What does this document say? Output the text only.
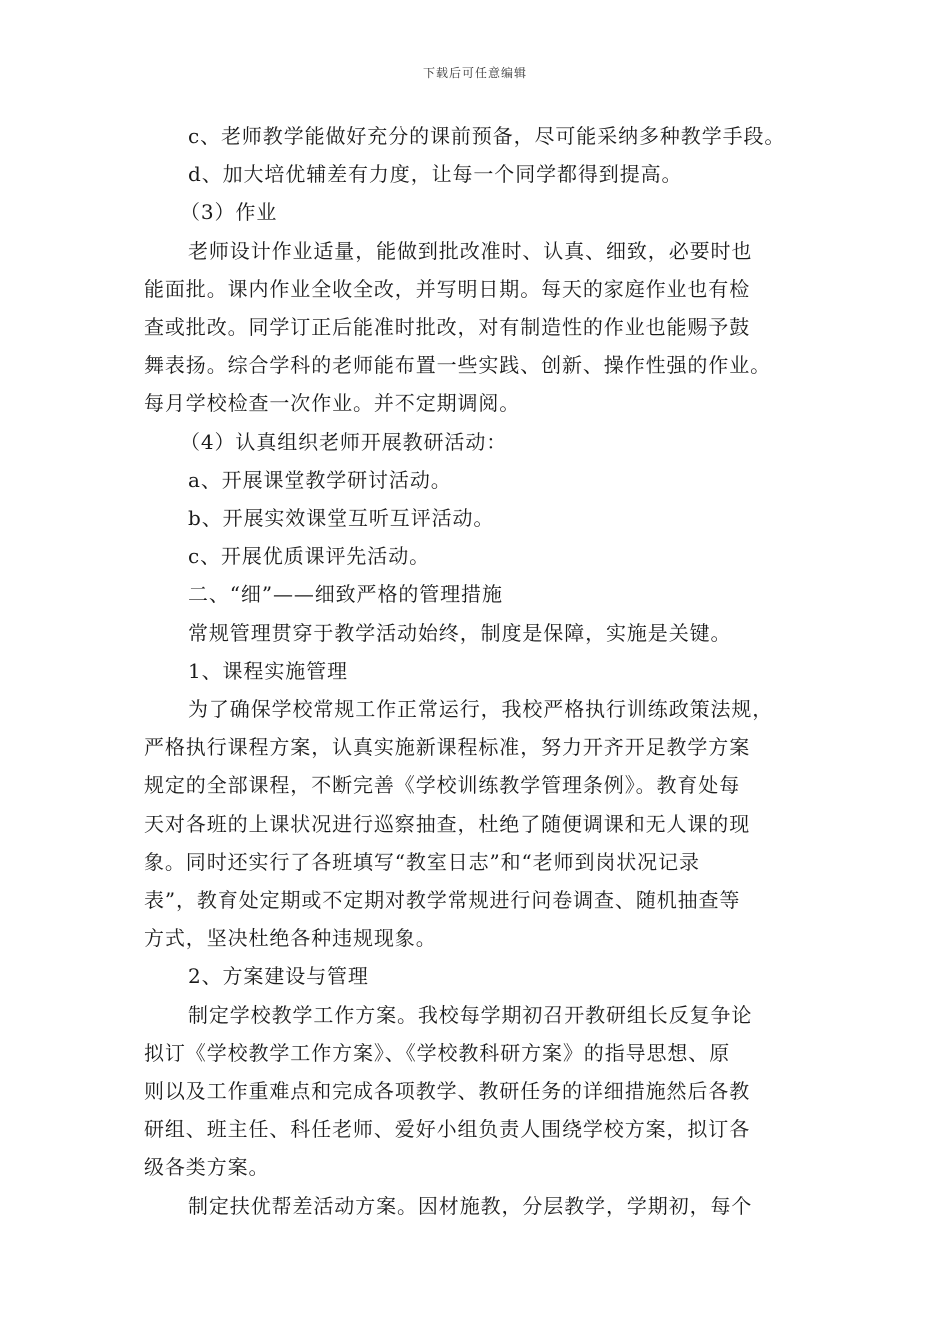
下载后可任意编辑

c、老师教学能做好充分的课前预备，尽可能采纳多种教学手段。

d、加大培优辅差有力度，让每一个同学都得到提高。

（3）作业

老师设计作业适量，能做到批改准时、认真、细致，必要时也

能面批。课内作业全收全改，并写明日期。每天的家庭作业也有检

查或批改。同学订正后能准时批改，对有制造性的作业也能赐予鼓

舞表扬。综合学科的老师能布置一些实践、创新、操作性强的作业。

每月学校检查一次作业。并不定期调阅。

（4）认真组织老师开展教研活动：

a、开展课堂教学研讨活动。

b、开展实效课堂互听互评活动。

c、开展优质课评先活动。

二、“细”——细致严格的管理措施

常规管理贯穿于教学活动始终，制度是保障，实施是关键。

1、课程实施管理

为了确保学校常规工作正常运行，我校严格执行训练政策法规，

严格执行课程方案，认真实施新课程标准，努力开齐开足教学方案

规定的全部课程，不断完善《学校训练教学管理条例》。教育处每

天对各班的上课状况进行巡察抽查，杜绝了随便调课和无人课的现

象。同时还实行了各班填写“教室日志”和“老师到岗状况记录

表”，教育处定期或不定期对教学常规进行问卷调查、随机抽查等

方式，坚决杜绝各种违规现象。

2、方案建设与管理

制定学校教学工作方案。我校每学期初召开教研组长反复争论

拟订《学校教学工作方案》、《学校教科研方案》的指导思想、原

则以及工作重难点和完成各项教学、教研任务的详细措施然后各教

研组、班主任、科任老师、爱好小组负责人围绕学校方案，拟订各

级各类方案。

制定扶优帮差活动方案。因材施教，分层教学，学期初，每个
